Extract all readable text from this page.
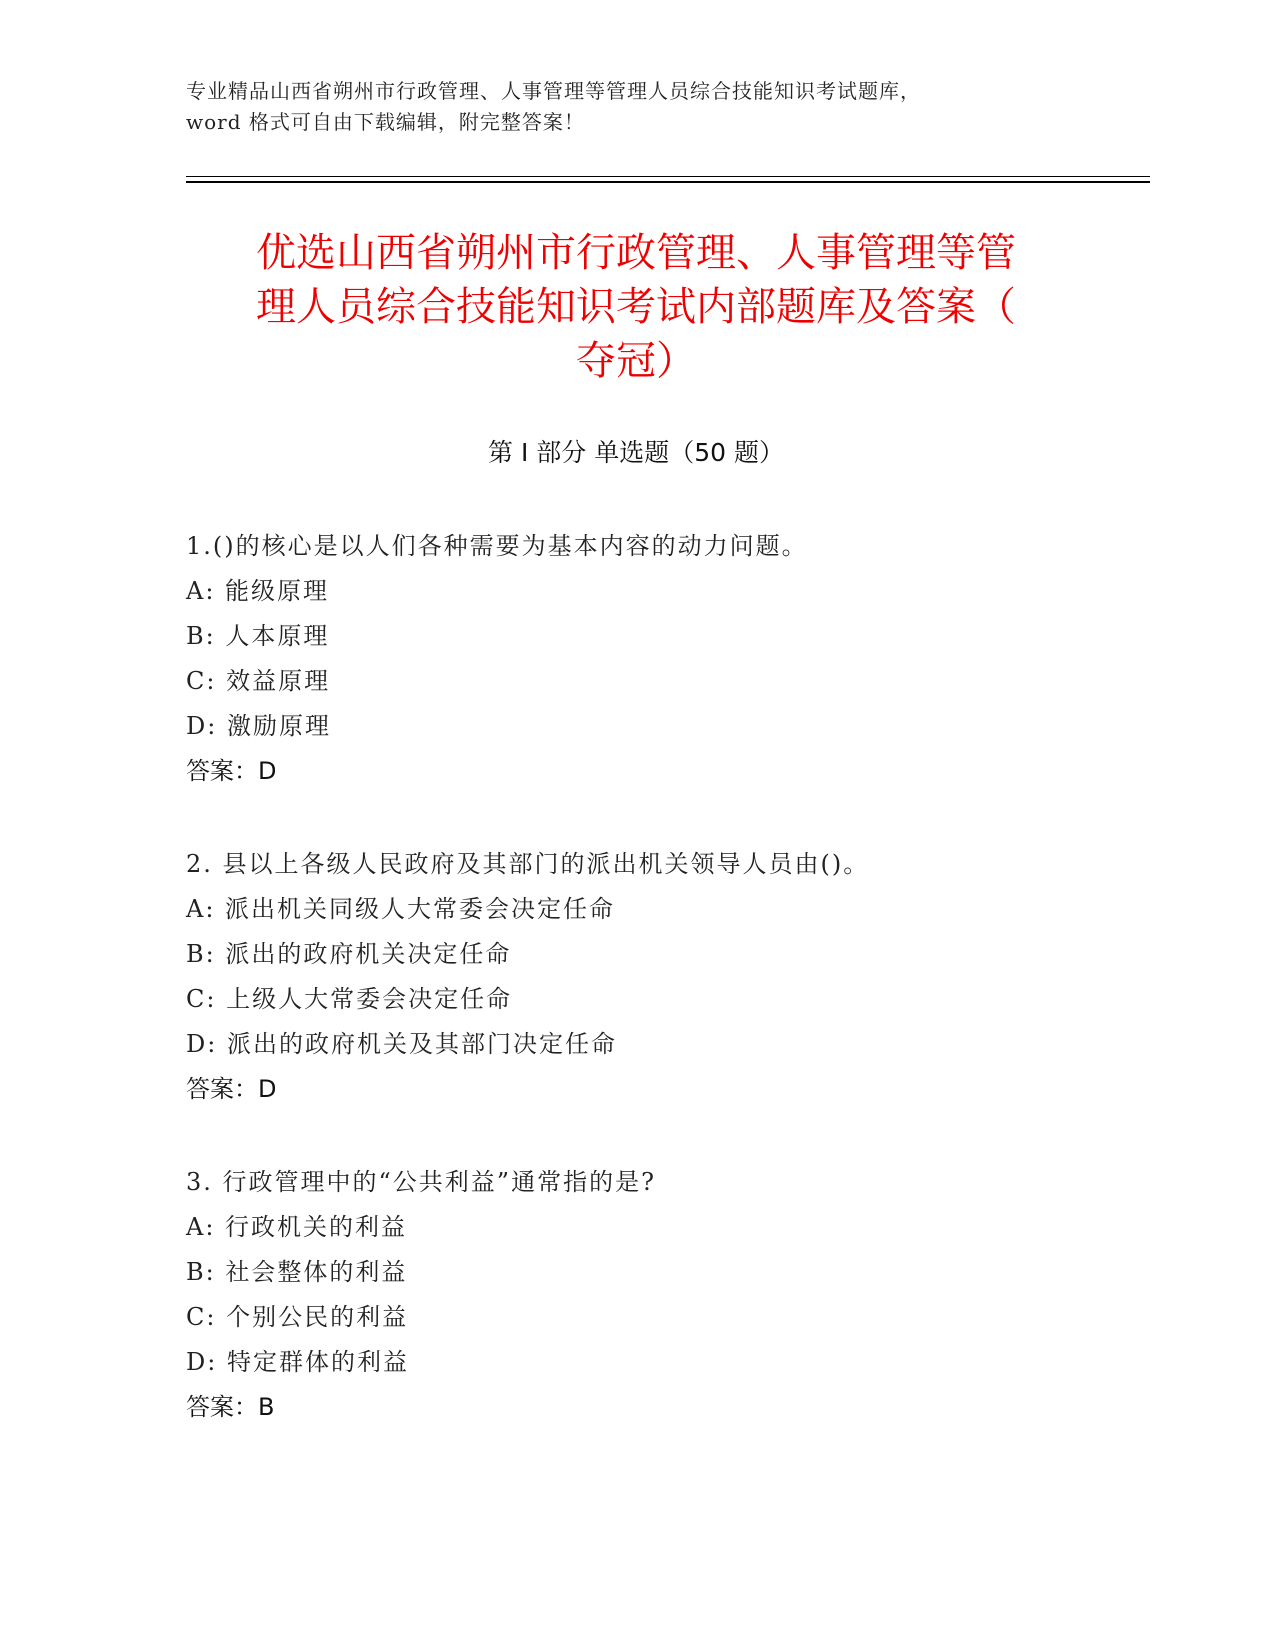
专业精品山西省朔州市行政管理、人事管理等管理人员综合技能知识考试题库，
word 格式可自由下载编辑，附完整答案！
优选山西省朔州市行政管理、人事管理等管
理人员综合技能知识考试内部题库及答案（
夺冠）
第 I 部分 单选题（50 题）
1.()的核心是以人们各种需要为基本内容的动力问题。
A: 能级原理
B: 人本原理
C: 效益原理
D: 激励原理
答案：D
2. 县以上各级人民政府及其部门的派出机关领导人员由()。
A: 派出机关同级人大常委会决定任命
B: 派出的政府机关决定任命
C: 上级人大常委会决定任命
D: 派出的政府机关及其部门决定任命
答案：D
3. 行政管理中的“公共利益”通常指的是?
A: 行政机关的利益
B: 社会整体的利益
C: 个别公民的利益
D: 特定群体的利益
答案：B
